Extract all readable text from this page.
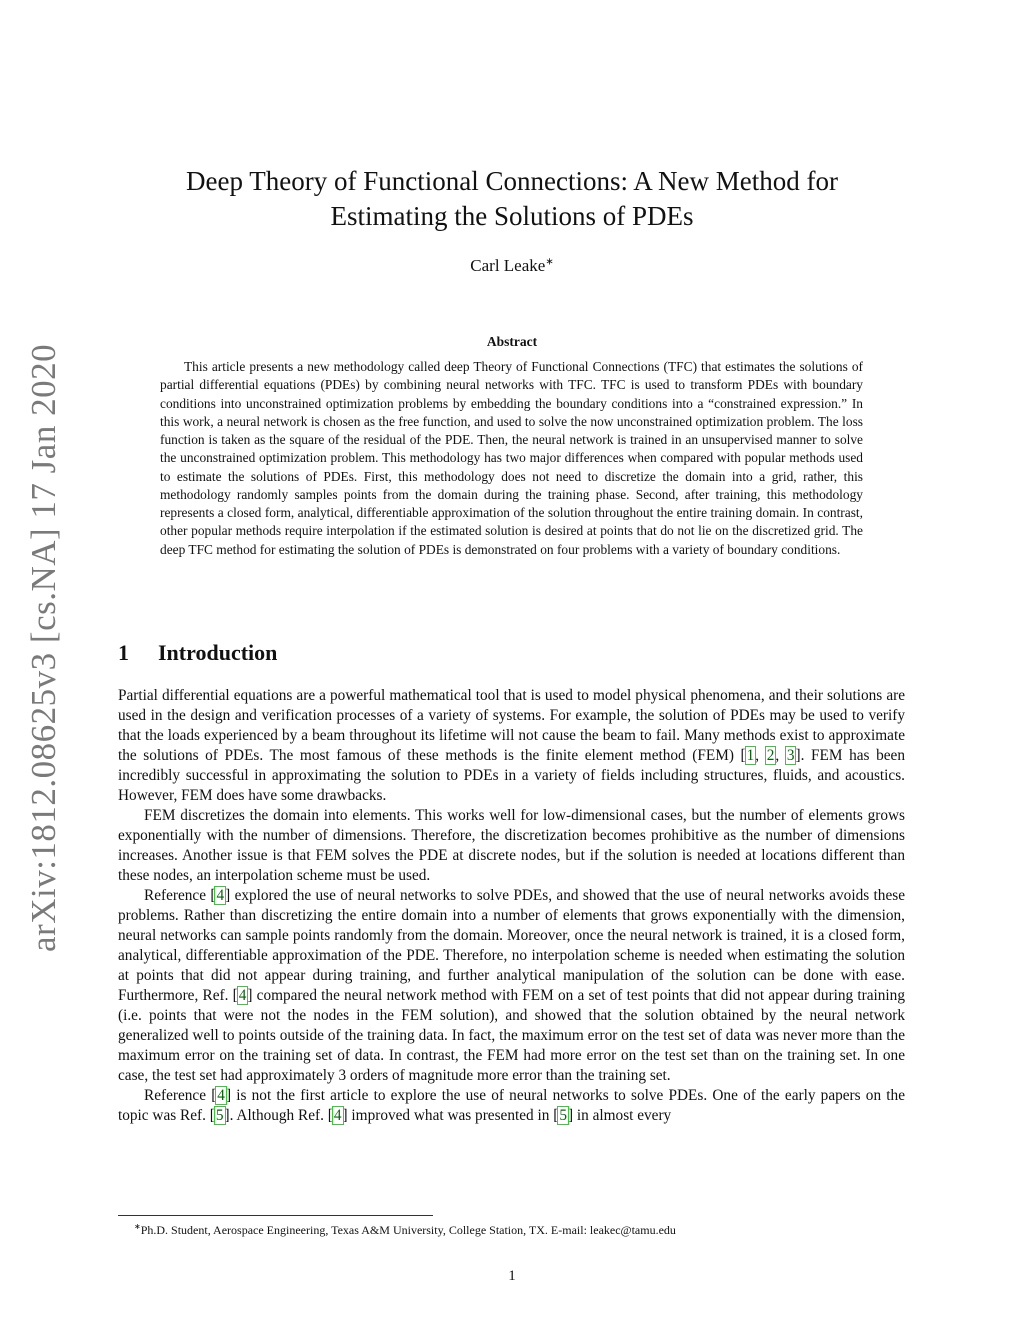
arXiv:1812.08625v3 [cs.NA] 17 Jan 2020
Deep Theory of Functional Connections: A New Method for
Estimating the Solutions of PDEs
Carl Leake∗
Abstract

This article presents a new methodology called deep Theory of Functional Connections (TFC) that estimates the solutions of partial differential equations (PDEs) by combining neural networks with TFC. TFC is used to transform PDEs with boundary conditions into unconstrained optimization problems by embedding the boundary conditions into a “constrained expression.” In this work, a neural network is chosen as the free function, and used to solve the now unconstrained optimization problem. The loss function is taken as the square of the residual of the PDE. Then, the neural network is trained in an unsupervised manner to solve the unconstrained optimization problem. This methodology has two major differences when compared with popular methods used to estimate the solutions of PDEs. First, this methodology does not need to discretize the domain into a grid, rather, this methodology randomly samples points from the domain during the training phase. Second, after training, this methodology represents a closed form, analytical, differentiable approximation of the solution throughout the entire training domain. In contrast, other popular methods require interpolation if the estimated solution is desired at points that do not lie on the discretized grid. The deep TFC method for estimating the solution of PDEs is demonstrated on four problems with a variety of boundary conditions.

1 Introduction

Partial differential equations are a powerful mathematical tool that is used to model physical phenomena, and their solutions are used in the design and verification processes of a variety of systems. For example, the solution of PDEs may be used to verify that the loads experienced by a beam throughout its lifetime will not cause the beam to fail. Many methods exist to approximate the solutions of PDEs. The most famous of these methods is the finite element method (FEM) [1, 2, 3]. FEM has been incredibly successful in approximating the solution to PDEs in a variety of fields including structures, fluids, and acoustics. However, FEM does have some drawbacks.

FEM discretizes the domain into elements. This works well for low-dimensional cases, but the number of elements grows exponentially with the number of dimensions. Therefore, the discretization becomes prohibitive as the number of dimensions increases. Another issue is that FEM solves the PDE at discrete nodes, but if the solution is needed at locations different than these nodes, an interpolation scheme must be used.

Reference [4] explored the use of neural networks to solve PDEs, and showed that the use of neural networks avoids these problems. Rather than discretizing the entire domain into a number of elements that grows exponentially with the dimension, neural networks can sample points randomly from the domain. Moreover, once the neural network is trained, it is a closed form, analytical, differentiable approximation of the PDE. Therefore, no interpolation scheme is needed when estimating the solution at points that did not appear during training, and further analytical manipulation of the solution can be done with ease. Furthermore, Ref. [4] compared the neural network method with FEM on a set of test points that did not appear during training (i.e. points that were not the nodes in the FEM solution), and showed that the solution obtained by the neural network generalized well to points outside of the training data. In fact, the maximum error on the test set of data was never more than the maximum error on the training set of data. In contrast, the FEM had more error on the test set than on the training set. In one case, the test set had approximately 3 orders of magnitude more error than the training set.

Reference [4] is not the first article to explore the use of neural networks to solve PDEs. One of the early papers on the topic was Ref. [5]. Although Ref. [4] improved what was presented in [5] in almost every

∗Ph.D. Student, Aerospace Engineering, Texas A&M University, College Station, TX. E-mail: leakec@tamu.edu
1
